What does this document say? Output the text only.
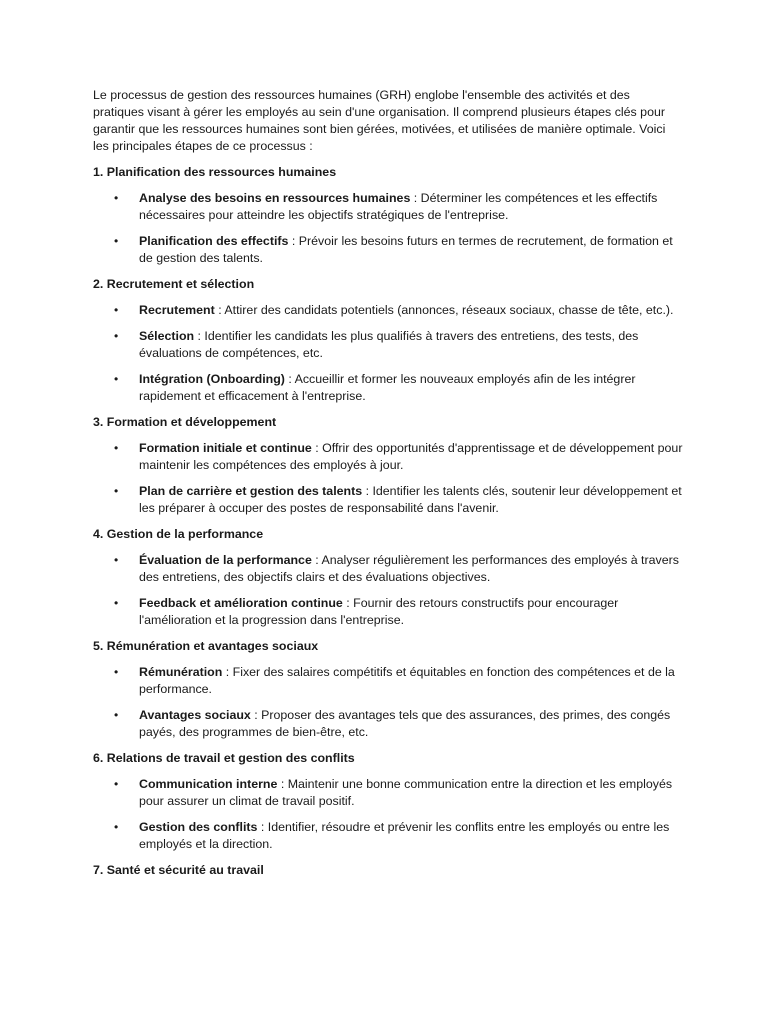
Le processus de gestion des ressources humaines (GRH) englobe l'ensemble des activités et des pratiques visant à gérer les employés au sein d'une organisation. Il comprend plusieurs étapes clés pour garantir que les ressources humaines sont bien gérées, motivées, et utilisées de manière optimale. Voici les principales étapes de ce processus :

1. Planification des ressources humaines

• Analyse des besoins en ressources humaines : Déterminer les compétences et les effectifs nécessaires pour atteindre les objectifs stratégiques de l'entreprise.
• Planification des effectifs : Prévoir les besoins futurs en termes de recrutement, de formation et de gestion des talents.

2. Recrutement et sélection

• Recrutement : Attirer des candidats potentiels (annonces, réseaux sociaux, chasse de tête, etc.).
• Sélection : Identifier les candidats les plus qualifiés à travers des entretiens, des tests, des évaluations de compétences, etc.
• Intégration (Onboarding) : Accueillir et former les nouveaux employés afin de les intégrer rapidement et efficacement à l'entreprise.

3. Formation et développement

• Formation initiale et continue : Offrir des opportunités d'apprentissage et de développement pour maintenir les compétences des employés à jour.
• Plan de carrière et gestion des talents : Identifier les talents clés, soutenir leur développement et les préparer à occuper des postes de responsabilité dans l'avenir.

4. Gestion de la performance

• Évaluation de la performance : Analyser régulièrement les performances des employés à travers des entretiens, des objectifs clairs et des évaluations objectives.
• Feedback et amélioration continue : Fournir des retours constructifs pour encourager l'amélioration et la progression dans l'entreprise.

5. Rémunération et avantages sociaux

• Rémunération : Fixer des salaires compétitifs et équitables en fonction des compétences et de la performance.
• Avantages sociaux : Proposer des avantages tels que des assurances, des primes, des congés payés, des programmes de bien-être, etc.

6. Relations de travail et gestion des conflits

• Communication interne : Maintenir une bonne communication entre la direction et les employés pour assurer un climat de travail positif.
• Gestion des conflits : Identifier, résoudre et prévenir les conflits entre les employés ou entre les employés et la direction.

7. Santé et sécurité au travail
